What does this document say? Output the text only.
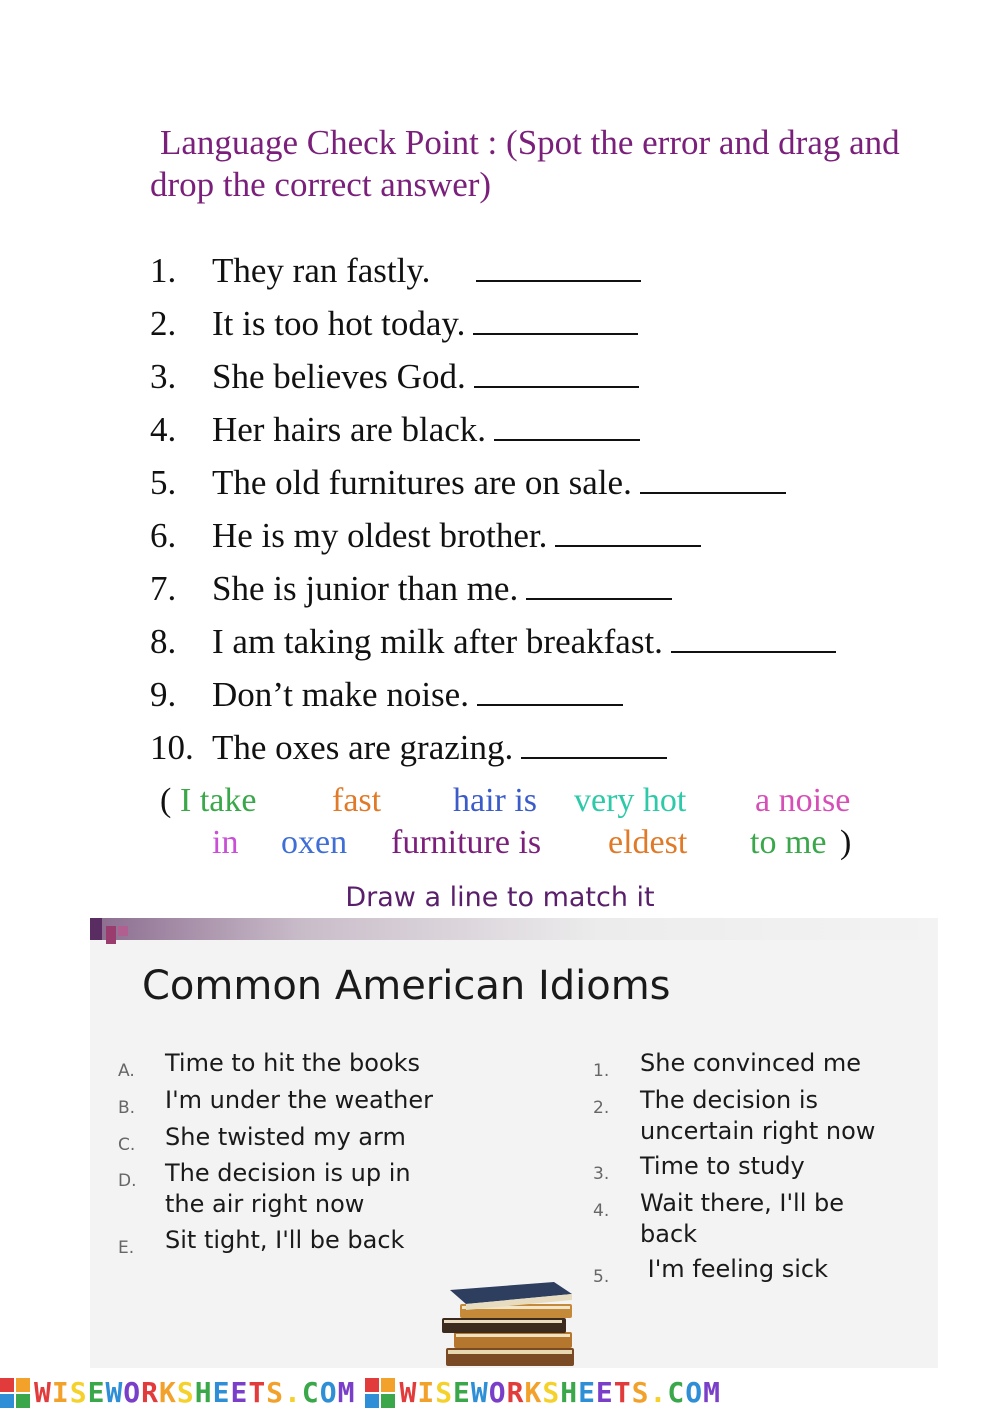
Language Check Point : (Spot the error and drag and drop the correct answer)
1. They ran fastly.
2. It is too hot today.
3. She believes God.
4. Her hairs are black.
5. The old furnitures are on sale.
6. He is my oldest brother.
7. She is junior than me.
8. I am taking milk after breakfast.
9. Don’t make noise.
10. The oxes are grazing.
( I take fast hair is very hot a noise
in oxen furniture is eldest to me )
Draw a line to match it
Common American Idioms
A. Time to hit the books
B. I'm under the weather
C. She twisted my arm
D. The decision is up in
the air right now
E. Sit tight, I'll be back
1. She convinced me
2. The decision is
uncertain right now
3. Time to study
4. Wait there, I'll be
back
5. I'm feeling sick
WISEWORKSHEETS.COM WISEWORKSHEETS.COM
